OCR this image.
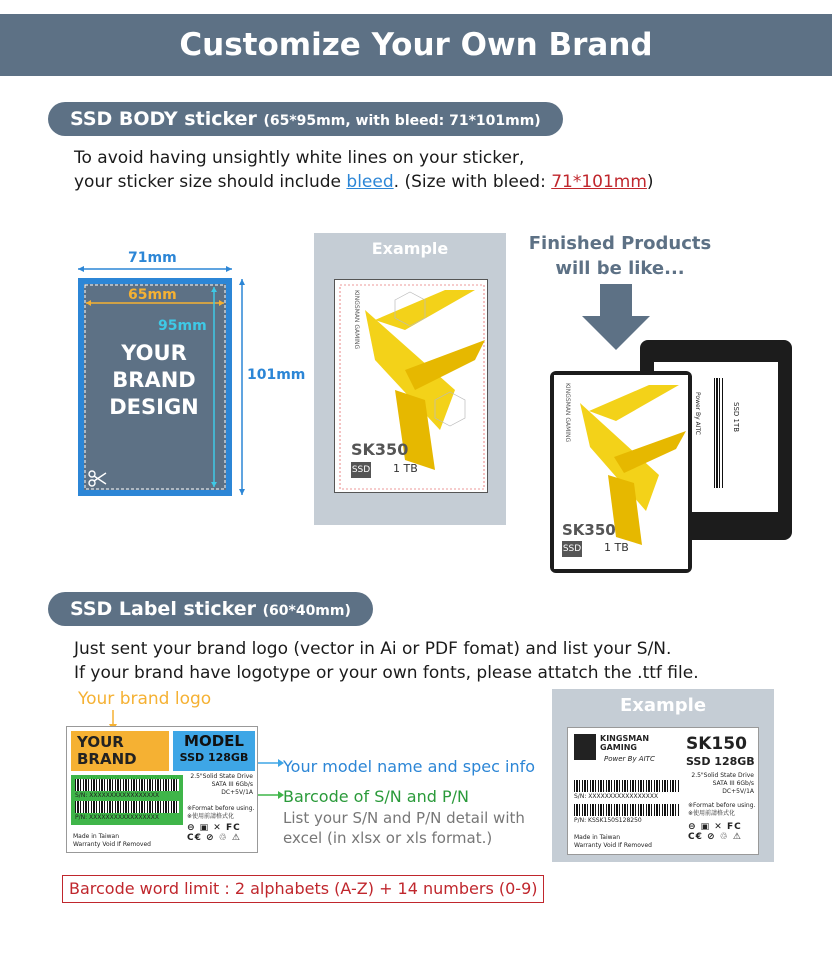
Customize Your Own Brand
SSD BODY sticker (65*95mm, with bleed: 71*101mm)
To avoid having unsightly white lines on your sticker,
your sticker size should include bleed. (Size with bleed: 71*101mm)
71mm
65mm
95mm
101mm
YOUR
BRAND
DESIGN
Example
SK350
SSD 1 TB
KINGSMAN GAMING
Finished Products
will be like...
SSD 1TB
Power By AITC
SK350
SSD 1 TB
KINGSMAN GAMING
SSD Label sticker (60*40mm)
Just sent your brand logo (vector in Ai or PDF fomat) and list your S/N.
If your brand have logotype or your own fonts, please attatch the .ttf file.
Your brand logo
YOUR
BRAND
MODEL
SSD 128GB
2.5"Solid State Drive
SATA III 6Gb/s
DC+5V/1A
S/N: XXXXXXXXXXXXXXXXX
P/N: XXXXXXXXXXXXXXXXX
※Format before using.
※使用前請格式化
⊖ ▣ ✕ FC
C€ ⊘ ♲ ⚠
Made in Taiwan
Warranty Void If Removed
Your model name and spec info
Barcode of S/N and P/N
List your S/N and P/N detail with
excel (in xlsx or xls format.)
Example
KINGSMAN GAMING
Power By AITC
SK150
SSD 128GB
2.5"Solid State Drive
SATA III 6Gb/s
DC+5V/1A
S/N: XXXXXXXXXXXXXXXXX
P/N: KSSK150S128250
※Format before using.
※使用前請格式化
⊖ ▣ ✕ FC
C€ ⊘ ♲ ⚠
Made in Taiwan
Warranty Void If Removed
Barcode word limit : 2 alphabets (A-Z) + 14 numbers (0-9)
